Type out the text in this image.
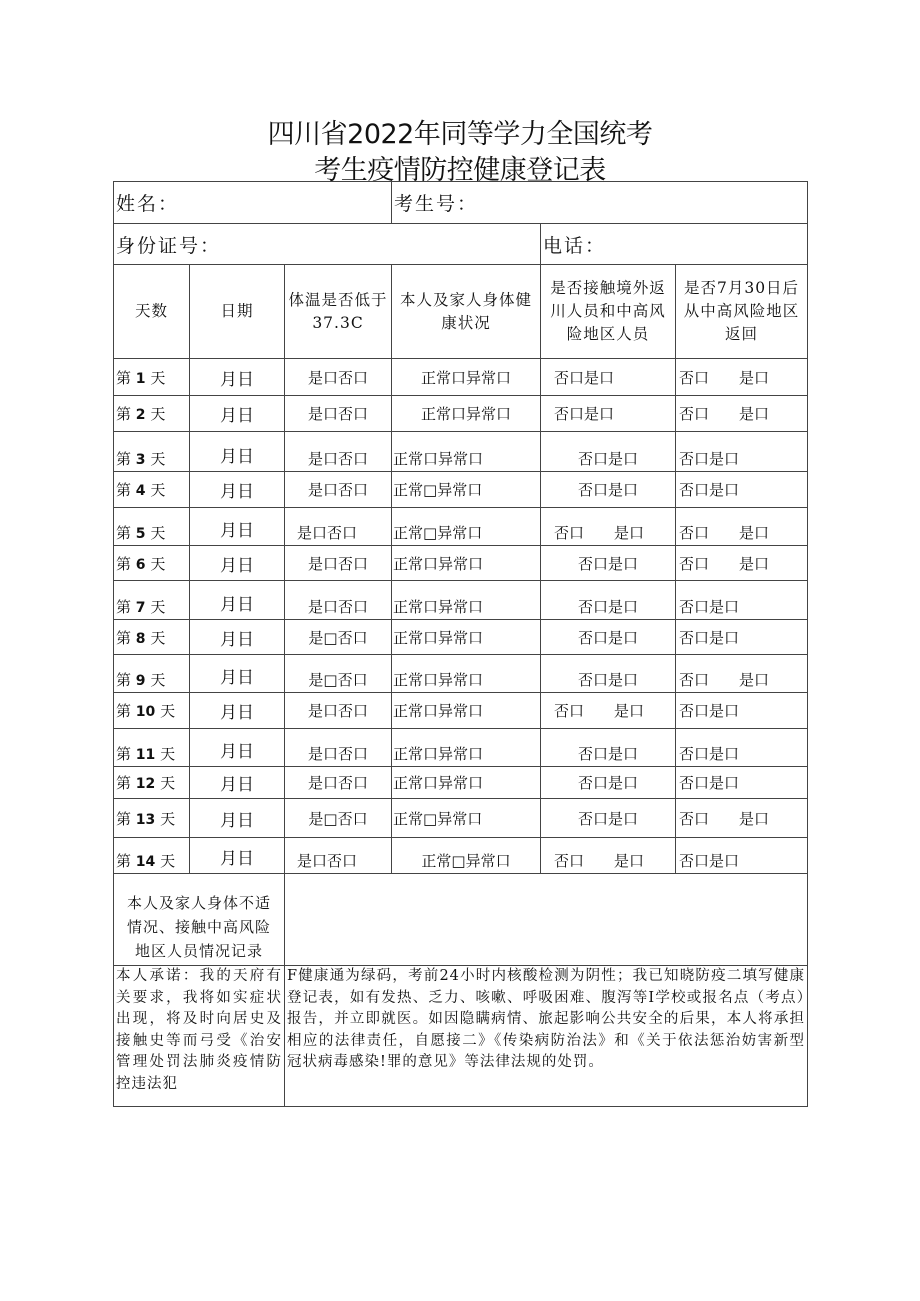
四川省2022年同等学力全国统考
考生疫情防控健康登记表
姓名：			考生号：		
身份证号：				电话：	
天数	日期	体温是否低于37.3C	本人及家人身体健康状况	是否接触境外返川人员和中高风险地区人员	是否7月30日后从中高风险地区返回
第 1 天	月日	是口否口	正常口异常口	否口是口	否口　　是口
第 2 天	月日	是口否口	正常口异常口	否口是口	否口　　是口
第 3 天	月日	是口否口	正常口异常口	否口是口	否口是口
第 4 天	月日	是口否口	正常□异常口	否口是口	否口是口
第 5 天	月日	是口否口	正常□异常口	否口　　是口	否口　　是口
第 6 天	月日	是口否口	正常口异常口	否口是口	否口　　是口
第 7 天	月日	是口否口	正常口异常口	否口是口	否口是口
第 8 天	月日	是□否口	正常口异常口	否口是口	否口是口
第 9 天	月日	是□否口	正常口异常口	否口是口	否口　　是口
第 10 天	月日	是口否口	正常口异常口	否口　　是口	否口是口
第 11 天	月日	是口否口	正常口异常口	否口是口	否口是口
第 12 天	月日	是口否口	正常口异常口	否口是口	否口是口
第 13 天	月日	是□否口	正常□异常口	否口是口	否口　　是口
第 14 天	月日	是口否口	正常□异常口	否口　　是口	否口是口
本人及家人身体不适情况、接触中高风险地区人员情况记录					
本人承诺：我的天府有关要求，我将如实症状出现，将及时向居史及接触史等而弓受《治安管理处罚法肺炎疫情防控违法犯		F健康通为绿码，考前24小时内核酸检测为阴性；我已知晓防疫二填写健康登记表，如有发热、乏力、咳嗽、呼吸困难、腹泻等I学校或报名点（考点）报告，并立即就医。如因隐瞒病情、旅起影响公共安全的后果，本人将承担相应的法律责任，自愿接二》《传染病防治法》和《关于依法惩治妨害新型冠状病毒感染!罪的意见》等法律法规的处罚。			
